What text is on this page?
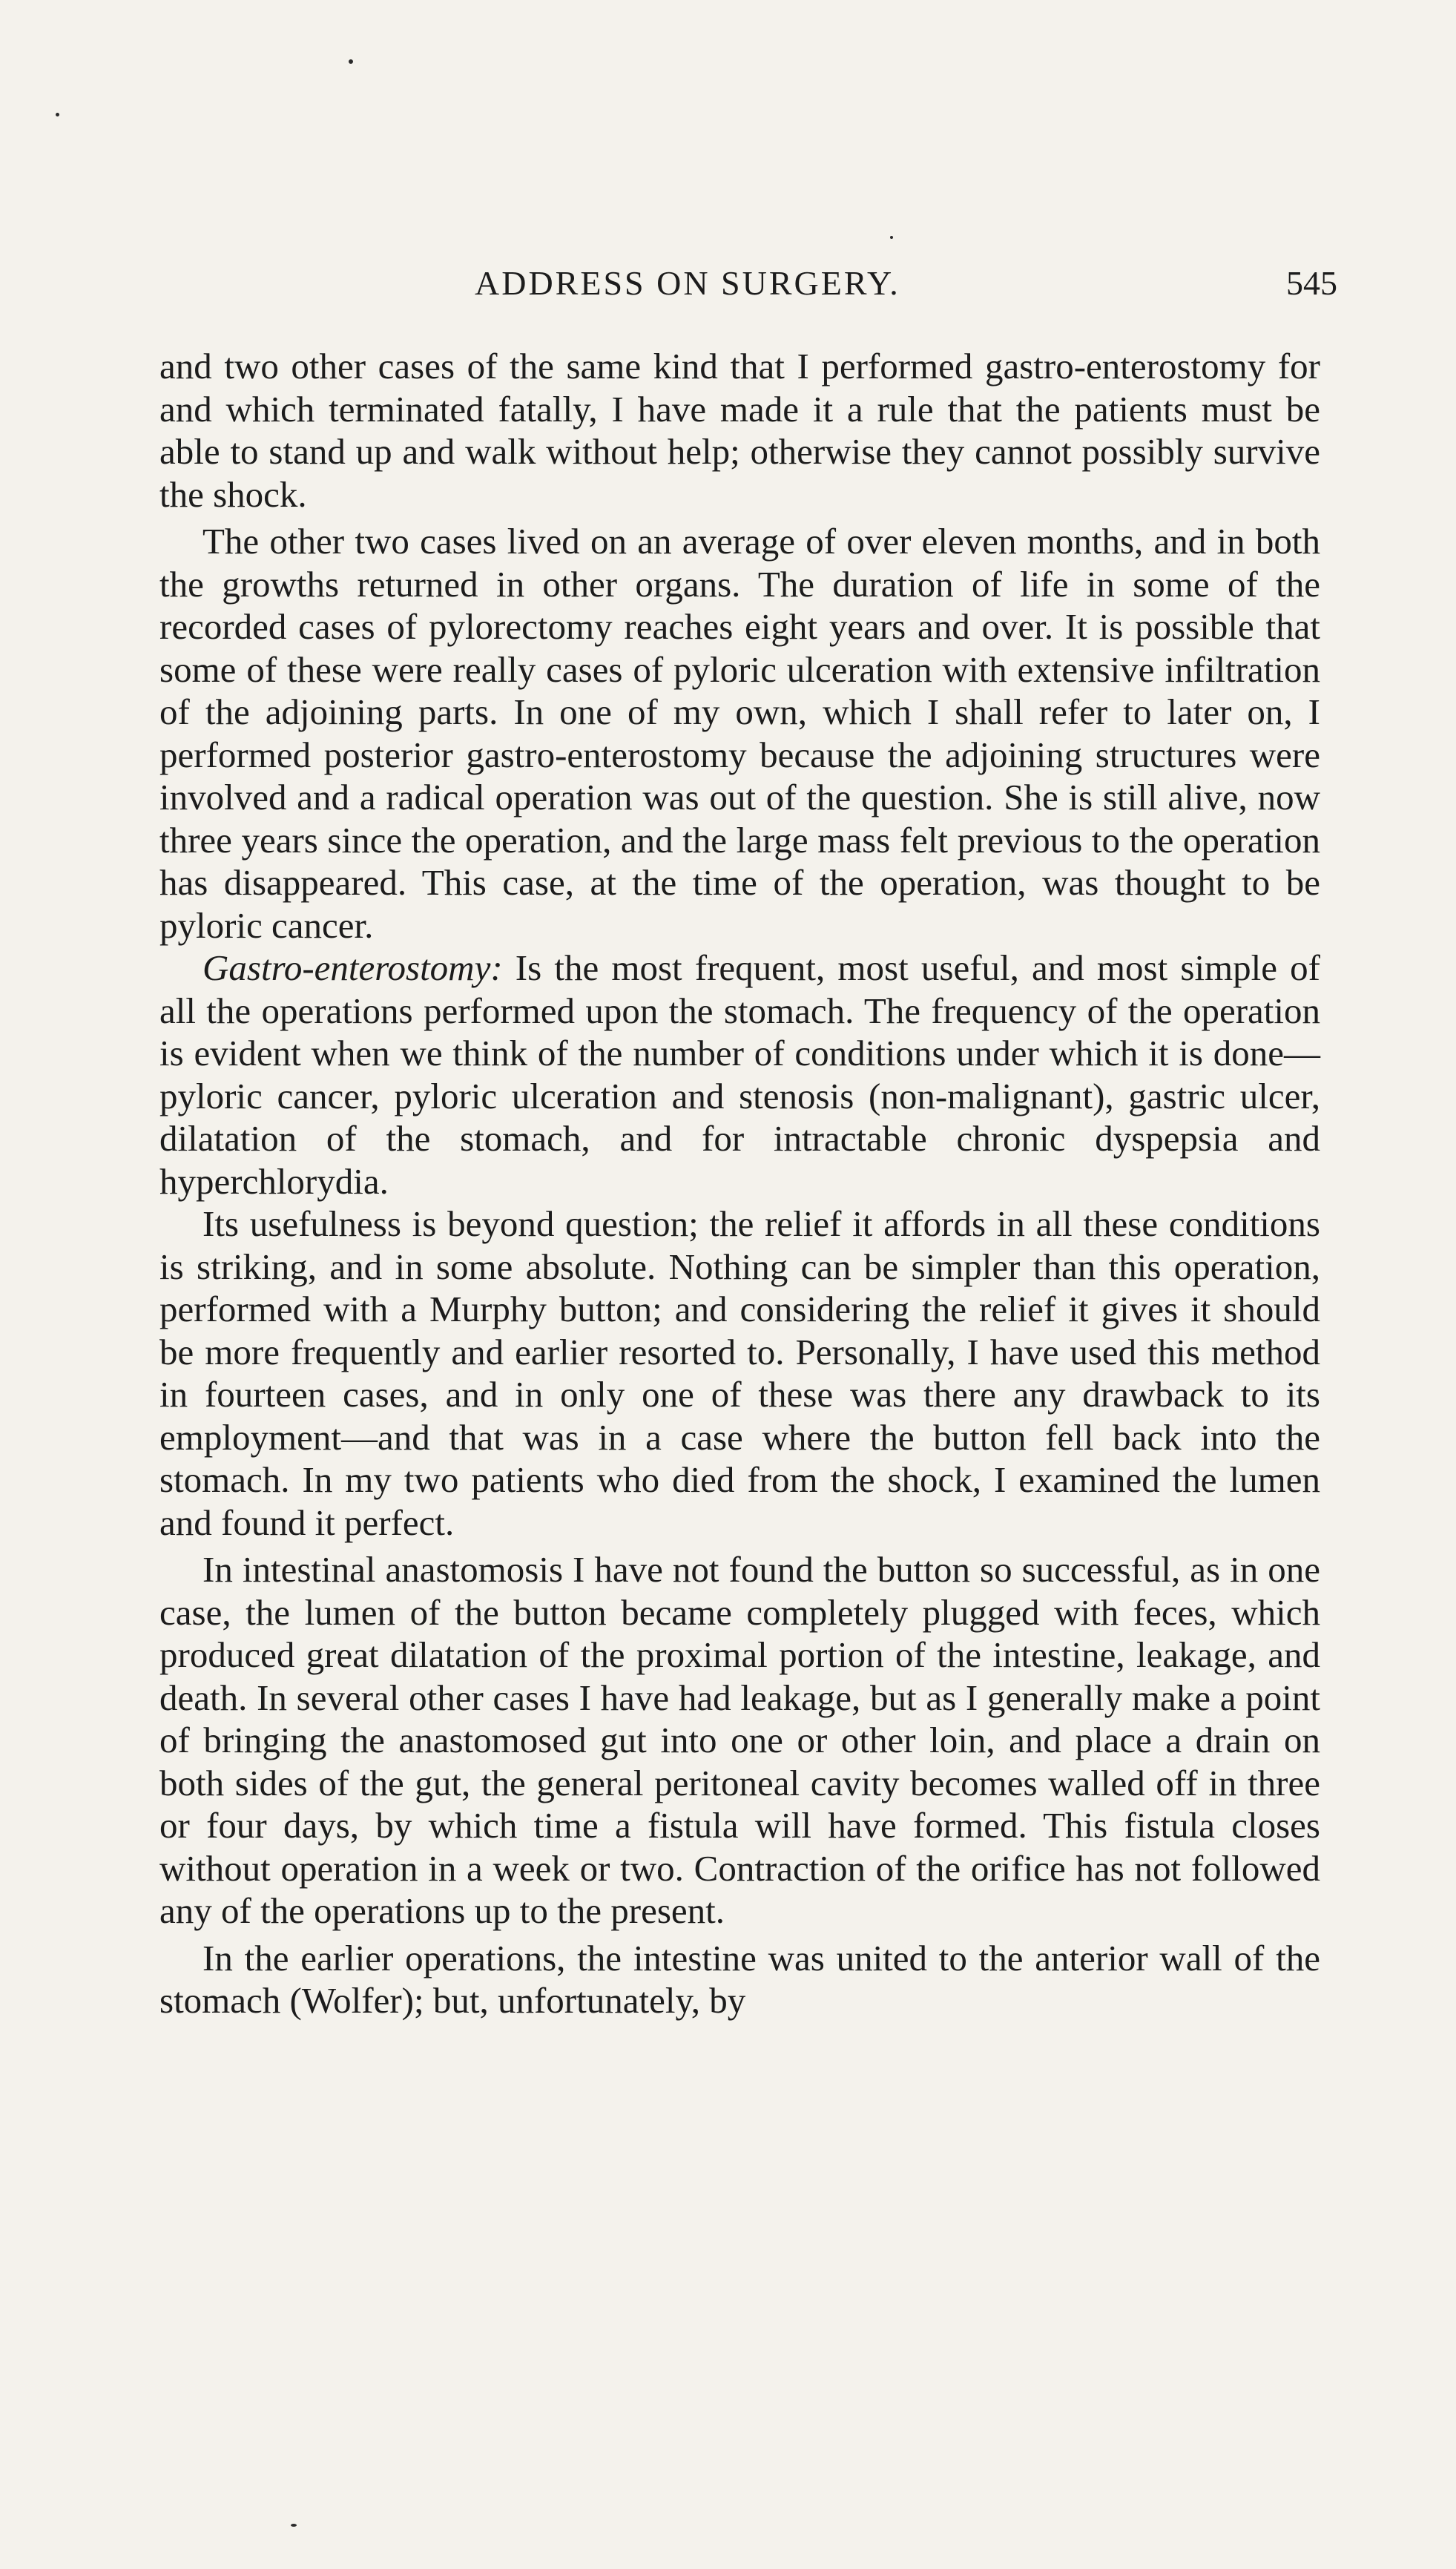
ADDRESS ON SURGERY.	545

and two other cases of the same kind that I performed gastro-enterostomy for and which terminated fatally, I have made it a rule that the patients must be able to stand up and walk without help; otherwise they cannot possibly survive the shock.

The other two cases lived on an average of over eleven months, and in both the growths returned in other organs. The duration of life in some of the recorded cases of pylorectomy reaches eight years and over. It is possible that some of these were really cases of pyloric ulceration with extensive infiltration of the adjoining parts. In one of my own, which I shall refer to later on, I performed posterior gastro-enterostomy because the adjoining structures were involved and a radical operation was out of the question. She is still alive, now three years since the operation, and the large mass felt previous to the operation has disappeared. This case, at the time of the operation, was thought to be pyloric cancer.

Gastro-enterostomy: Is the most frequent, most useful, and most simple of all the operations performed upon the stomach. The frequency of the operation is evident when we think of the number of conditions under which it is done—pyloric cancer, pyloric ulceration and stenosis (non-malignant), gastric ulcer, dilatation of the stomach, and for intractable chronic dyspepsia and hyperchlorydia.

Its usefulness is beyond question; the relief it affords in all these conditions is striking, and in some absolute. Nothing can be simpler than this operation, performed with a Murphy button; and considering the relief it gives it should be more frequently and earlier resorted to. Personally, I have used this method in fourteen cases, and in only one of these was there any drawback to its employment—and that was in a case where the button fell back into the stomach. In my two patients who died from the shock, I examined the lumen and found it perfect.

In intestinal anastomosis I have not found the button so successful, as in one case, the lumen of the button became completely plugged with feces, which produced great dilatation of the proximal portion of the intestine, leakage, and death. In several other cases I have had leakage, but as I generally make a point of bringing the anastomosed gut into one or other loin, and place a drain on both sides of the gut, the general peritoneal cavity becomes walled off in three or four days, by which time a fistula will have formed. This fistula closes without operation in a week or two. Contraction of the orifice has not followed any of the operations up to the present.

In the earlier operations, the intestine was united to the anterior wall of the stomach (Wolfer); but, unfortunately, by
